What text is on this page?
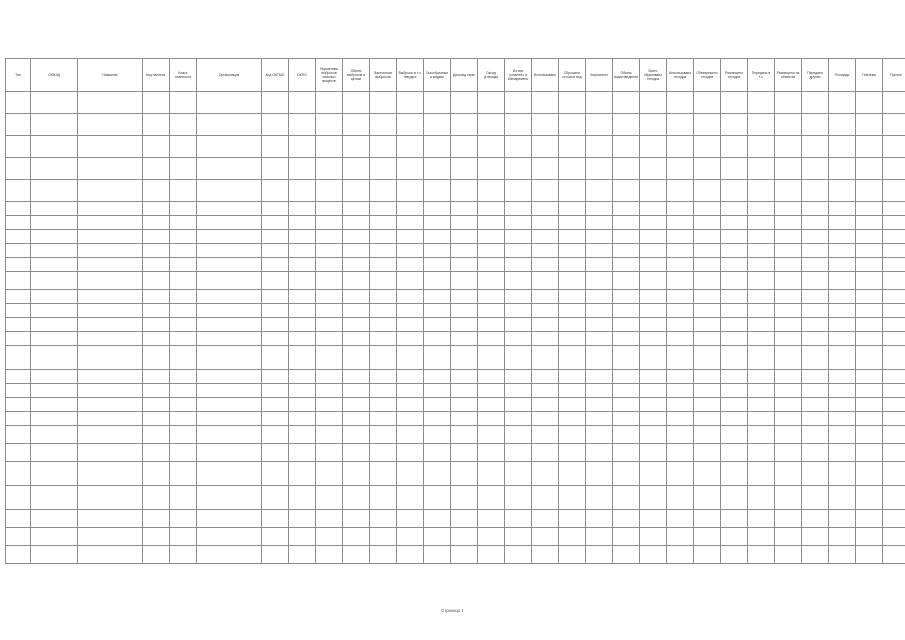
Тип	ОКВЭД	Название	Код налогов.	Класс опасности	Организация	Код ОКТМО	ОКПО	Нормативы выбросов опасных веществ	Объем выбросов в целом	Фактически выбросов	Выбросы в т.ч. твердых	Газообразные и жидкие	Диоксид серы	Оксид углерода	Из них уловлено и обезврежено	Использовано	Сброшено сточных вод	Загрязнено	Объем водоотведения	Всего образовано отходов	Использовано отходов	Обезврежено отходов	Размещено отходов	Передано в т.ч.	Размещено на объектах	Передано другим	Площадь	Платежи	Прочее

Страница 1
